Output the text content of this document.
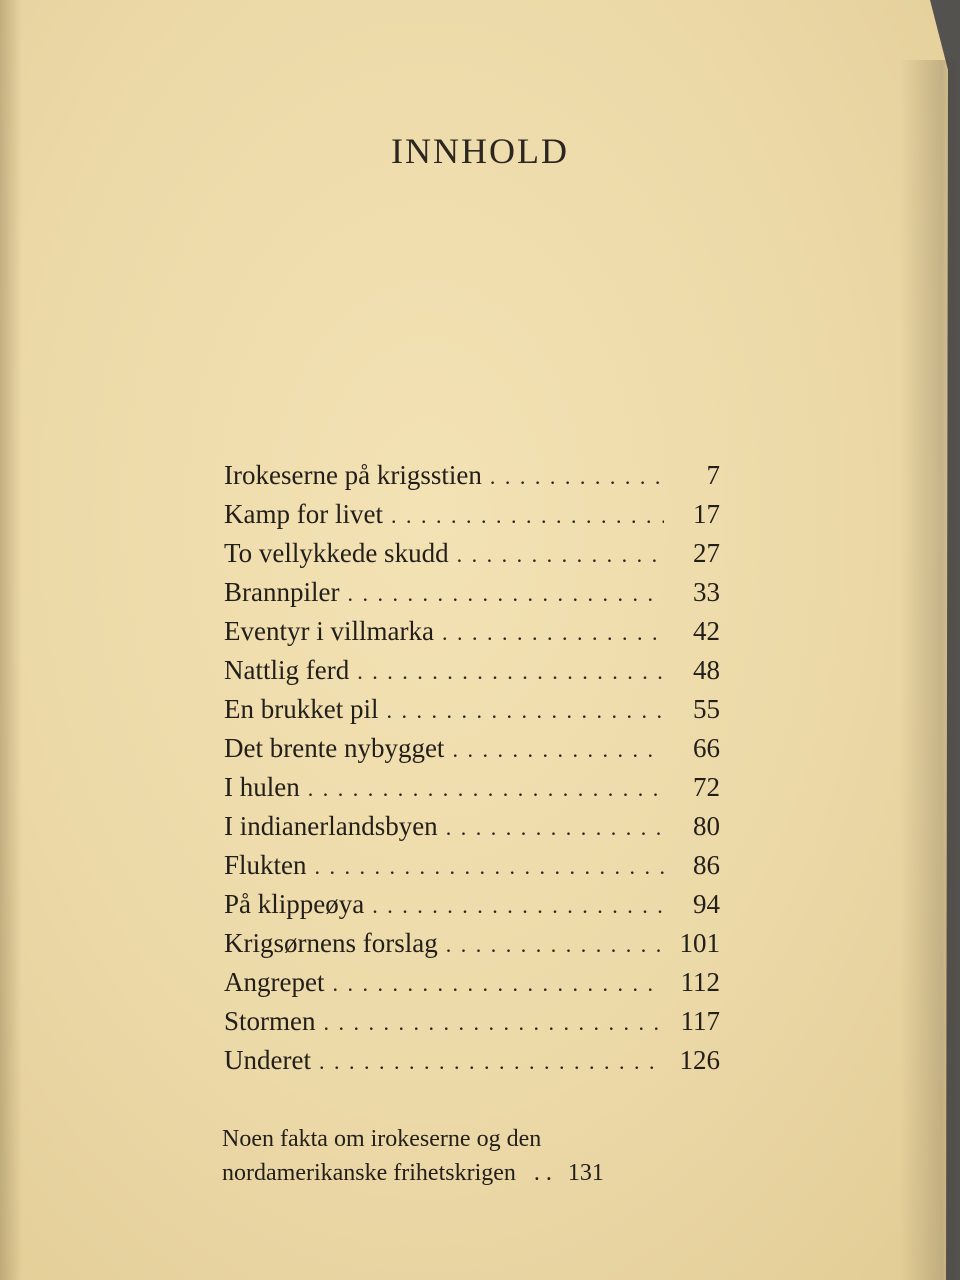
INNHOLD
Irokeserne på krigsstien . . .	7
Kamp for livet . . .	17
To vellykkede skudd . . .	27
Brannpiler . . .	33
Eventyr i villmarka . . .	42
Nattlig ferd . . .	48
En brukket pil . . .	55
Det brente nybygget . . .	66
I hulen . . .	72
I indianerlandsbyen . . .	80
Flukten . . .	86
På klippeøya . . .	94
Krigsørnens forslag . . .	101
Angrepet . . .	112
Stormen . . .	117
Underet . . .	126
Noen fakta om irokeserne og den
nordamerikanske frihetskrigen .. 131
